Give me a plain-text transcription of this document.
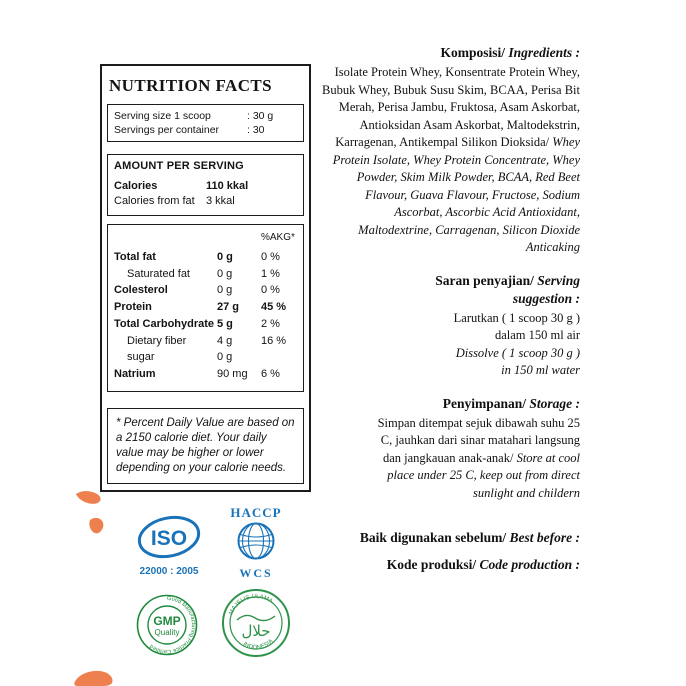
NUTRITION FACTS
Serving size 1 scoop	: 30 g
Servings per container	: 30
AMOUNT PER SERVING
Calories	110 kkal
Calories from fat	3 kkal
%AKG*
Total fat	0 g	0 %
Saturated fat	0 g	1 %
Colesterol	0 g	0 %
Protein	27 g	45 %
Total Carbohydrate 5 g	2 %
Dietary fiber	4 g	16 %
sugar	0 g
Natrium	90 mg	6 %
* Percent Daily Value are based on a 2150 calorie diet. Your daily value may be higher or lower depending on your calorie needs.
ISO
22000 : 2005
HACCP
WCS
Good Manufacturing Practice Certified
GMP
Quality
MAJELIS ULAMA
INDONESIA
حلال
Komposisi/ Ingredients :
Isolate Protein Whey, Konsentrate Protein Whey, Bubuk Whey, Bubuk Susu Skim, BCAA, Perisa Bit Merah, Perisa Jambu, Fruktosa, Asam Askorbat, Antioksidan Asam Askorbat, Maltodekstrin, Karragenan, Antikempal Silikon Dioksida/ Whey Protein Isolate, Whey Protein Concentrate, Whey Powder, Skim Milk Powder, BCAA, Red Beet Flavour, Guava Flavour, Fructose, Sodium Ascorbat, Ascorbic Acid Antioxidant, Maltodextrine, Carragenan, Silicon Dioxide Anticaking
Saran penyajian/ Serving suggestion :
Larutkan ( 1 scoop 30 g )
dalam 150 ml air
Dissolve ( 1 scoop 30 g )
in 150 ml water
Penyimpanan/ Storage :
Simpan ditempat sejuk dibawah suhu 25 C, jauhkan dari sinar matahari langsung dan jangkauan anak-anak/ Store at cool place under 25 C, keep out from direct sunlight and childern
Baik digunakan sebelum/ Best before :
Kode produksi/ Code production :
